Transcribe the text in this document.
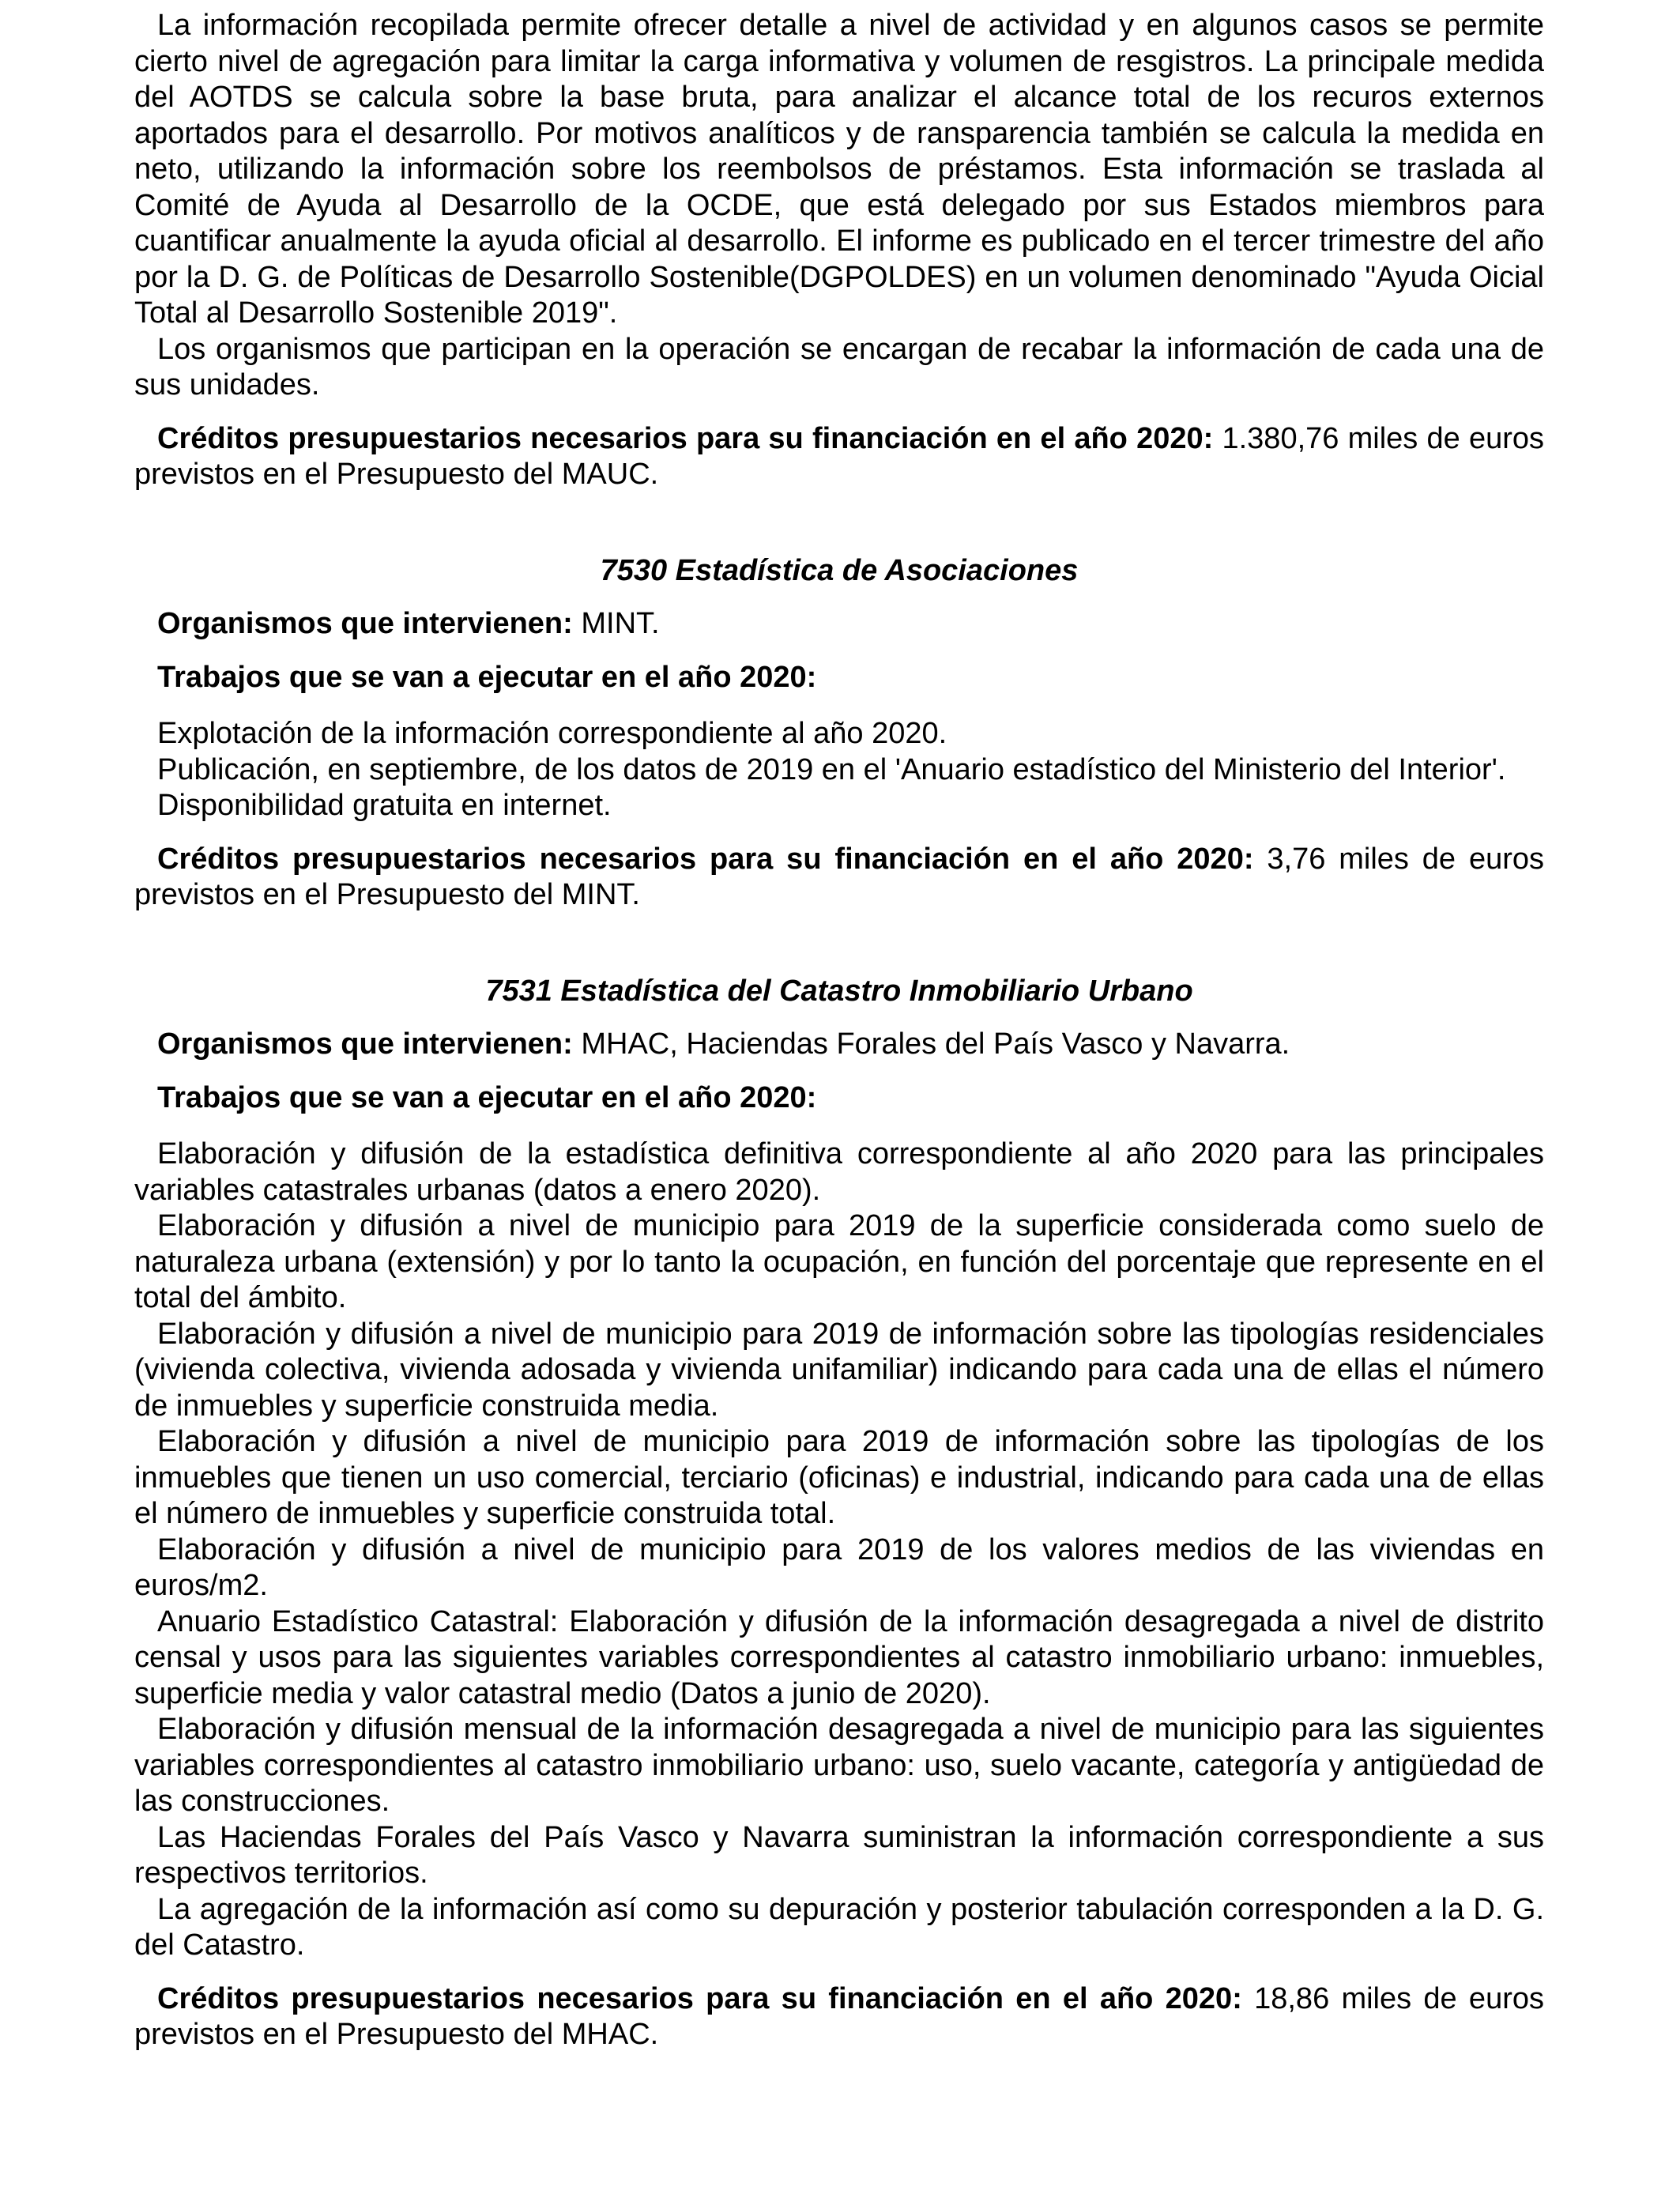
La información recopilada permite ofrecer detalle a nivel de actividad y en algunos casos se permite cierto nivel de agregación para limitar la carga informativa y volumen de resgistros. La principale medida del AOTDS se calcula sobre la base bruta, para analizar el alcance total de los recuros externos aportados para el desarrollo. Por motivos analíticos y de ransparencia también se calcula la medida en neto, utilizando la información sobre los reembolsos de préstamos. Esta información se traslada al Comité de Ayuda al Desarrollo de la OCDE, que está delegado por sus Estados miembros para cuantificar anualmente la ayuda oficial al desarrollo. El informe es publicado en el tercer trimestre del año por la D. G. de Políticas de Desarrollo Sostenible(DGPOLDES) en un volumen denominado "Ayuda Oicial Total al Desarrollo Sostenible 2019".

Los organismos que participan en la operación se encargan de recabar la información de cada una de sus unidades.

Créditos presupuestarios necesarios para su financiación en el año 2020: 1.380,76 miles de euros previstos en el Presupuesto del MAUC.

7530 Estadística de Asociaciones

Organismos que intervienen: MINT.

Trabajos que se van a ejecutar en el año 2020:

Explotación de la información correspondiente al año 2020.

Publicación, en septiembre, de los datos de 2019 en el 'Anuario estadístico del Ministerio del Interior'.

Disponibilidad gratuita en internet.

Créditos presupuestarios necesarios para su financiación en el año 2020: 3,76 miles de euros previstos en el Presupuesto del MINT.

7531 Estadística del Catastro Inmobiliario Urbano

Organismos que intervienen: MHAC, Haciendas Forales del País Vasco y Navarra.

Trabajos que se van a ejecutar en el año 2020:

Elaboración y difusión de la estadística definitiva correspondiente al año 2020 para las principales variables catastrales urbanas (datos a enero 2020).

Elaboración y difusión a nivel de municipio para 2019 de la superficie considerada como suelo de naturaleza urbana (extensión) y por lo tanto la ocupación, en función del porcentaje que represente en el total del ámbito.

Elaboración y difusión a nivel de municipio para 2019 de información sobre las tipologías residenciales (vivienda colectiva, vivienda adosada y vivienda unifamiliar) indicando para cada una de ellas el número de inmuebles y superficie construida media.

Elaboración y difusión a nivel de municipio para 2019 de información sobre las tipologías de los inmuebles que tienen un uso comercial, terciario (oficinas) e industrial, indicando para cada una de ellas el número de inmuebles y superficie construida total.

Elaboración y difusión a nivel de municipio para 2019 de los valores medios de las viviendas en euros/m2.

Anuario Estadístico Catastral: Elaboración y difusión de la información desagregada a nivel de distrito censal y usos para las siguientes variables correspondientes al catastro inmobiliario urbano: inmuebles, superficie media y valor catastral medio (Datos a junio de 2020).

Elaboración y difusión mensual de la información desagregada a nivel de municipio para las siguientes variables correspondientes al catastro inmobiliario urbano: uso, suelo vacante, categoría y antigüedad de las construcciones.

Las Haciendas Forales del País Vasco y Navarra suministran la información correspondiente a sus respectivos territorios.

La agregación de la información así como su depuración y posterior tabulación corresponden a la D. G. del Catastro.

Créditos presupuestarios necesarios para su financiación en el año 2020: 18,86 miles de euros previstos en el Presupuesto del MHAC.
